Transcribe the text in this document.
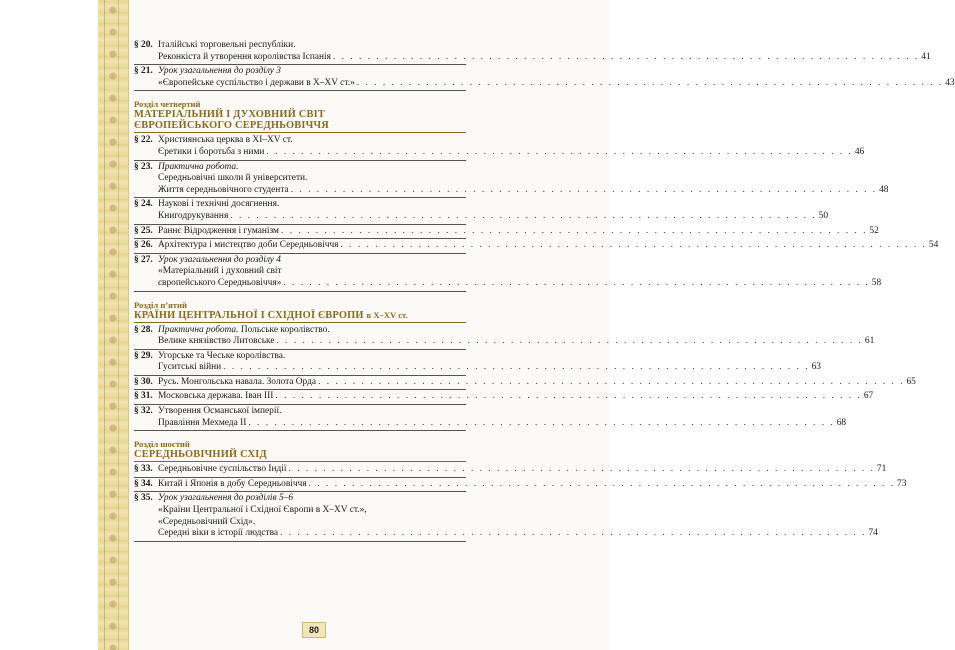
§ 20. Італійські торговельні республіки.
Реконкіста й утворення королівства Іспанія . . .	41
§ 21. Урок узагальнення до розділу 3
«Європейське суспільство і держави в X–XV ст.» . . .	43
Розділ четвертий
МАТЕРІАЛЬНИЙ І ДУХОВНИЙ СВІТ
ЄВРОПЕЙСЬКОГО СЕРЕДНЬОВІЧЧЯ
§ 22. Християнська церква в XI–XV ст.
Єретики і боротьба з ними . . .	46
§ 23. Практична робота.
Середньовічні школи й університети.
Життя середньовічного студента . . .	48
§ 24. Наукові і технічні досягнення.
Книгодрукування . . .	50
§ 25. Раннє Відродження і гуманізм . . .	52
§ 26. Архітектура і мистецтво доби Середньовіччя . . .	54
§ 27. Урок узагальнення до розділу 4
«Матеріальний і духовний світ
європейського Середньовіччя» . . .	58
Розділ п’ятий
КРАЇНИ ЦЕНТРАЛЬНОЇ І СХІДНОЇ ЄВРОПИ в X–XV ст.
§ 28. Практична робота. Польське королівство.
Велике князівство Литовське . . .	61
§ 29. Угорське та Чеське королівства.
Гуситські війни . . .	63
§ 30. Русь. Монгольська навала. Золота Орда . . .	65
§ 31. Московська держава. Іван III . . .	67
§ 32. Утворення Османської імперії.
Правління Мехмеда II . . .	68
Розділ шостий
СЕРЕДНЬОВІЧНИЙ СХІД
§ 33. Середньовічне суспільство Індії . . .	71
§ 34. Китай і Японія в добу Середньовіччя . . .	73
§ 35. Урок узагальнення до розділів 5–6
«Країни Центральної і Східної Європи в X–XV ст.»,
«Середньовічний Схід».
Середні віки в історії людства . . .	74
80
